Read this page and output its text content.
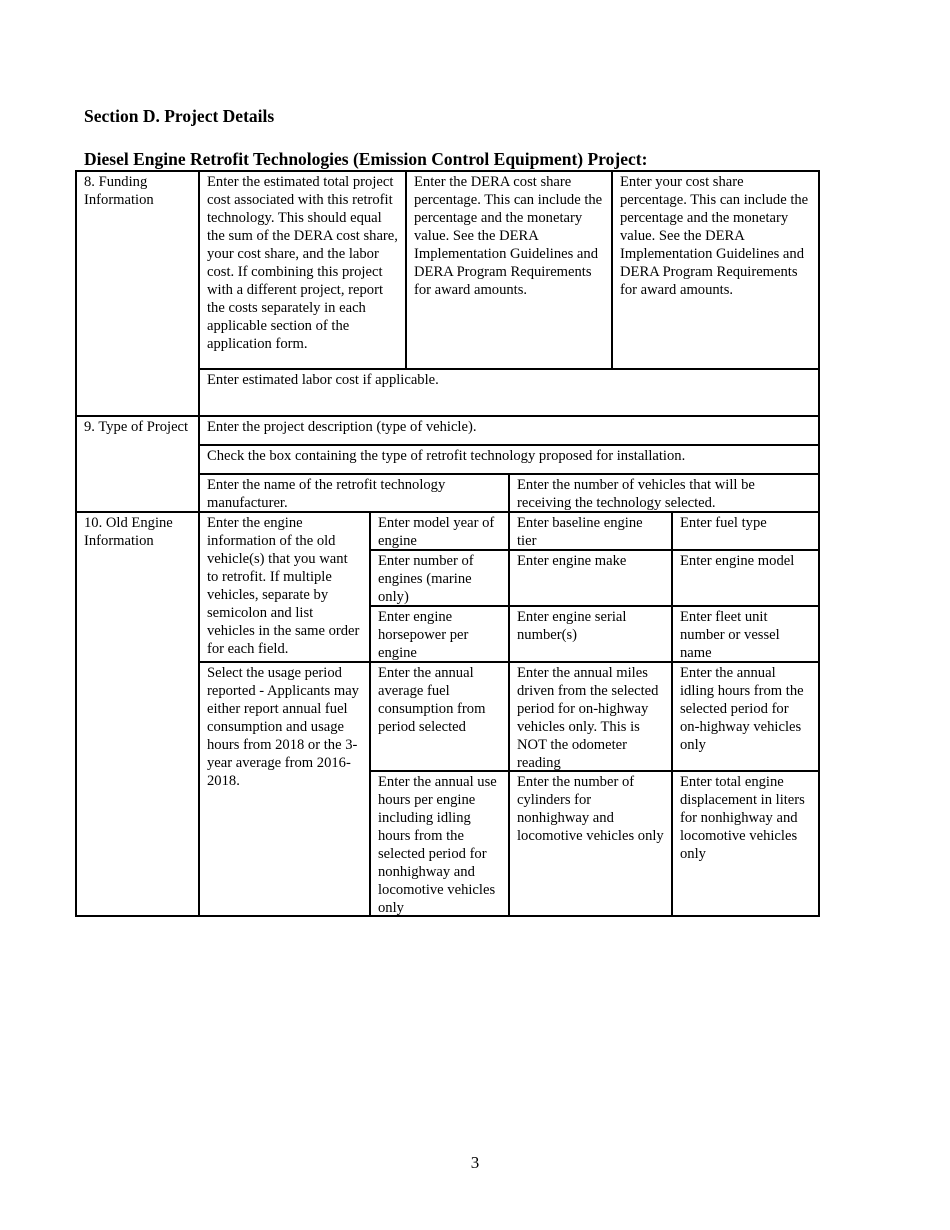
Section D. Project Details
Diesel Engine Retrofit Technologies (Emission Control Equipment) Project:
8. Funding Information
Enter the estimated total project cost associated with this retrofit technology. This should equal the sum of the DERA cost share, your cost share, and the labor cost. If combining this project with a different project, report the costs separately in each applicable section of the application form.
Enter the DERA cost share percentage. This can include the percentage and the monetary value. See the DERA Implementation Guidelines and DERA Program Requirements for award amounts.
Enter your cost share percentage. This can include the percentage and the monetary value. See the DERA Implementation Guidelines and DERA Program Requirements for award amounts.
Enter estimated labor cost if applicable.
9. Type of Project	Enter the project description (type of vehicle).
Check the box containing the type of retrofit technology proposed for installation.
Enter the name of the retrofit technology manufacturer.
Enter the number of vehicles that will be receiving the technology selected.
10. Old Engine Information
Enter the engine information of the old vehicle(s) that you want to retrofit. If multiple vehicles, separate by semicolon and list vehicles in the same order for each field.
Enter model year of engine
Enter baseline engine tier
Enter fuel type
Enter number of engines (marine only)
Enter engine make	Enter engine model
Enter engine horsepower per engine
Enter engine serial number(s)
Enter fleet unit number or vessel name
Select the usage period reported - Applicants may either report annual fuel consumption and usage hours from 2018 or the 3-year average from 2016-2018.
Enter the annual average fuel consumption from period selected
Enter the annual miles driven from the selected period for on-highway vehicles only. This is NOT the odometer reading
Enter the annual idling hours from the selected period for on-highway vehicles only
Enter the annual use hours per engine including idling hours from the selected period for nonhighway and locomotive vehicles only
Enter the number of cylinders for nonhighway and locomotive vehicles only
Enter total engine displacement in liters for nonhighway and locomotive vehicles only
3
